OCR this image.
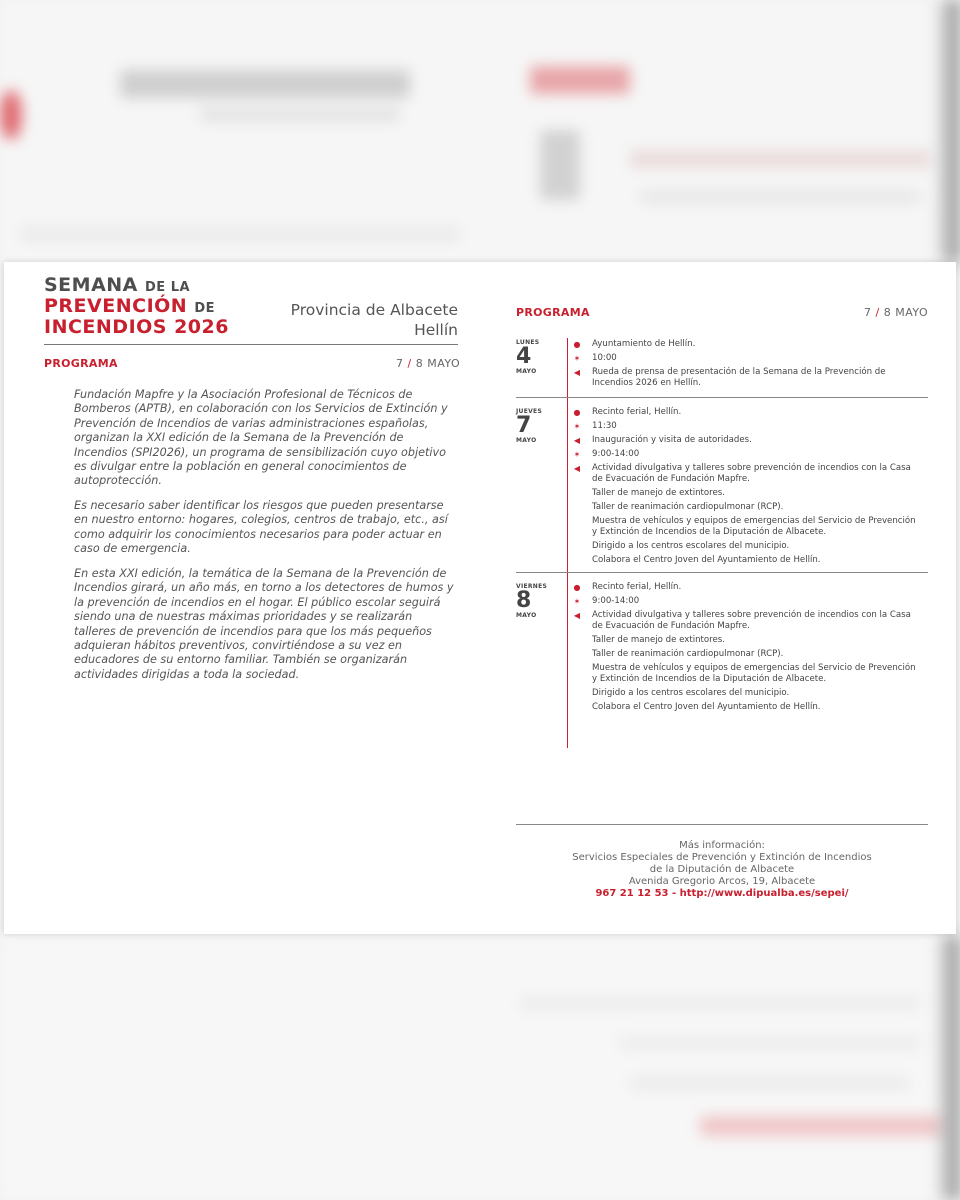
SEMANA DE LA
PREVENCIÓN DE
INCENDIOS 2026
Provincia de Albacete
Hellín
PROGRAMA	7 / 8 MAYO

Fundación Mapfre y la Asociación Profesional de Técnicos de Bomberos (APTB), en colaboración con los Servicios de Extinción y Prevención de Incendios de varias administraciones españolas, organizan la XXI edición de la Semana de la Prevención de Incendios (SPI2026), un programa de sensibilización cuyo objetivo es divulgar entre la población en general conocimientos de autoprotección.

Es necesario saber identificar los riesgos que pueden presentarse en nuestro entorno: hogares, colegios, centros de trabajo, etc., así como adquirir los conocimientos necesarios para poder actuar en caso de emergencia.

En esta XXI edición, la temática de la Semana de la Prevención de Incendios girará, un año más, en torno a los detectores de humos y la prevención de incendios en el hogar. El público escolar seguirá siendo una de nuestras máximas prioridades y se realizarán talleres de prevención de incendios para que los más pequeños adquieran hábitos preventivos, convirtiéndose a su vez en educadores de su entorno familiar. También se organizarán actividades dirigidas a toda la sociedad.

PROGRAMA	7 / 8 MAYO
LUNES
4
MAYO
● Ayuntamiento de Hellín.
✶ 10:00
◀ Rueda de prensa de presentación de la Semana de la Prevención de Incendios 2026 en Hellín.
JUEVES
7
MAYO
● Recinto ferial, Hellín.
✶ 11:30
◀ Inauguración y visita de autoridades.
✶ 9:00-14:00
◀ Actividad divulgativa y talleres sobre prevención de incendios con la Casa de Evacuación de Fundación Mapfre.
Taller de manejo de extintores.
Taller de reanimación cardiopulmonar (RCP).
Muestra de vehículos y equipos de emergencias del Servicio de Prevención y Extinción de Incendios de la Diputación de Albacete.
Dirigido a los centros escolares del municipio.
Colabora el Centro Joven del Ayuntamiento de Hellín.
VIERNES
8
MAYO
● Recinto ferial, Hellín.
✶ 9:00-14:00
◀ Actividad divulgativa y talleres sobre prevención de incendios con la Casa de Evacuación de Fundación Mapfre.
Taller de manejo de extintores.
Taller de reanimación cardiopulmonar (RCP).
Muestra de vehículos y equipos de emergencias del Servicio de Prevención y Extinción de Incendios de la Diputación de Albacete.
Dirigido a los centros escolares del municipio.
Colabora el Centro Joven del Ayuntamiento de Hellín.
Más información:
Servicios Especiales de Prevención y Extinción de Incendios
de la Diputación de Albacete
Avenida Gregorio Arcos, 19, Albacete
967 21 12 53 - http://www.dipualba.es/sepei/
